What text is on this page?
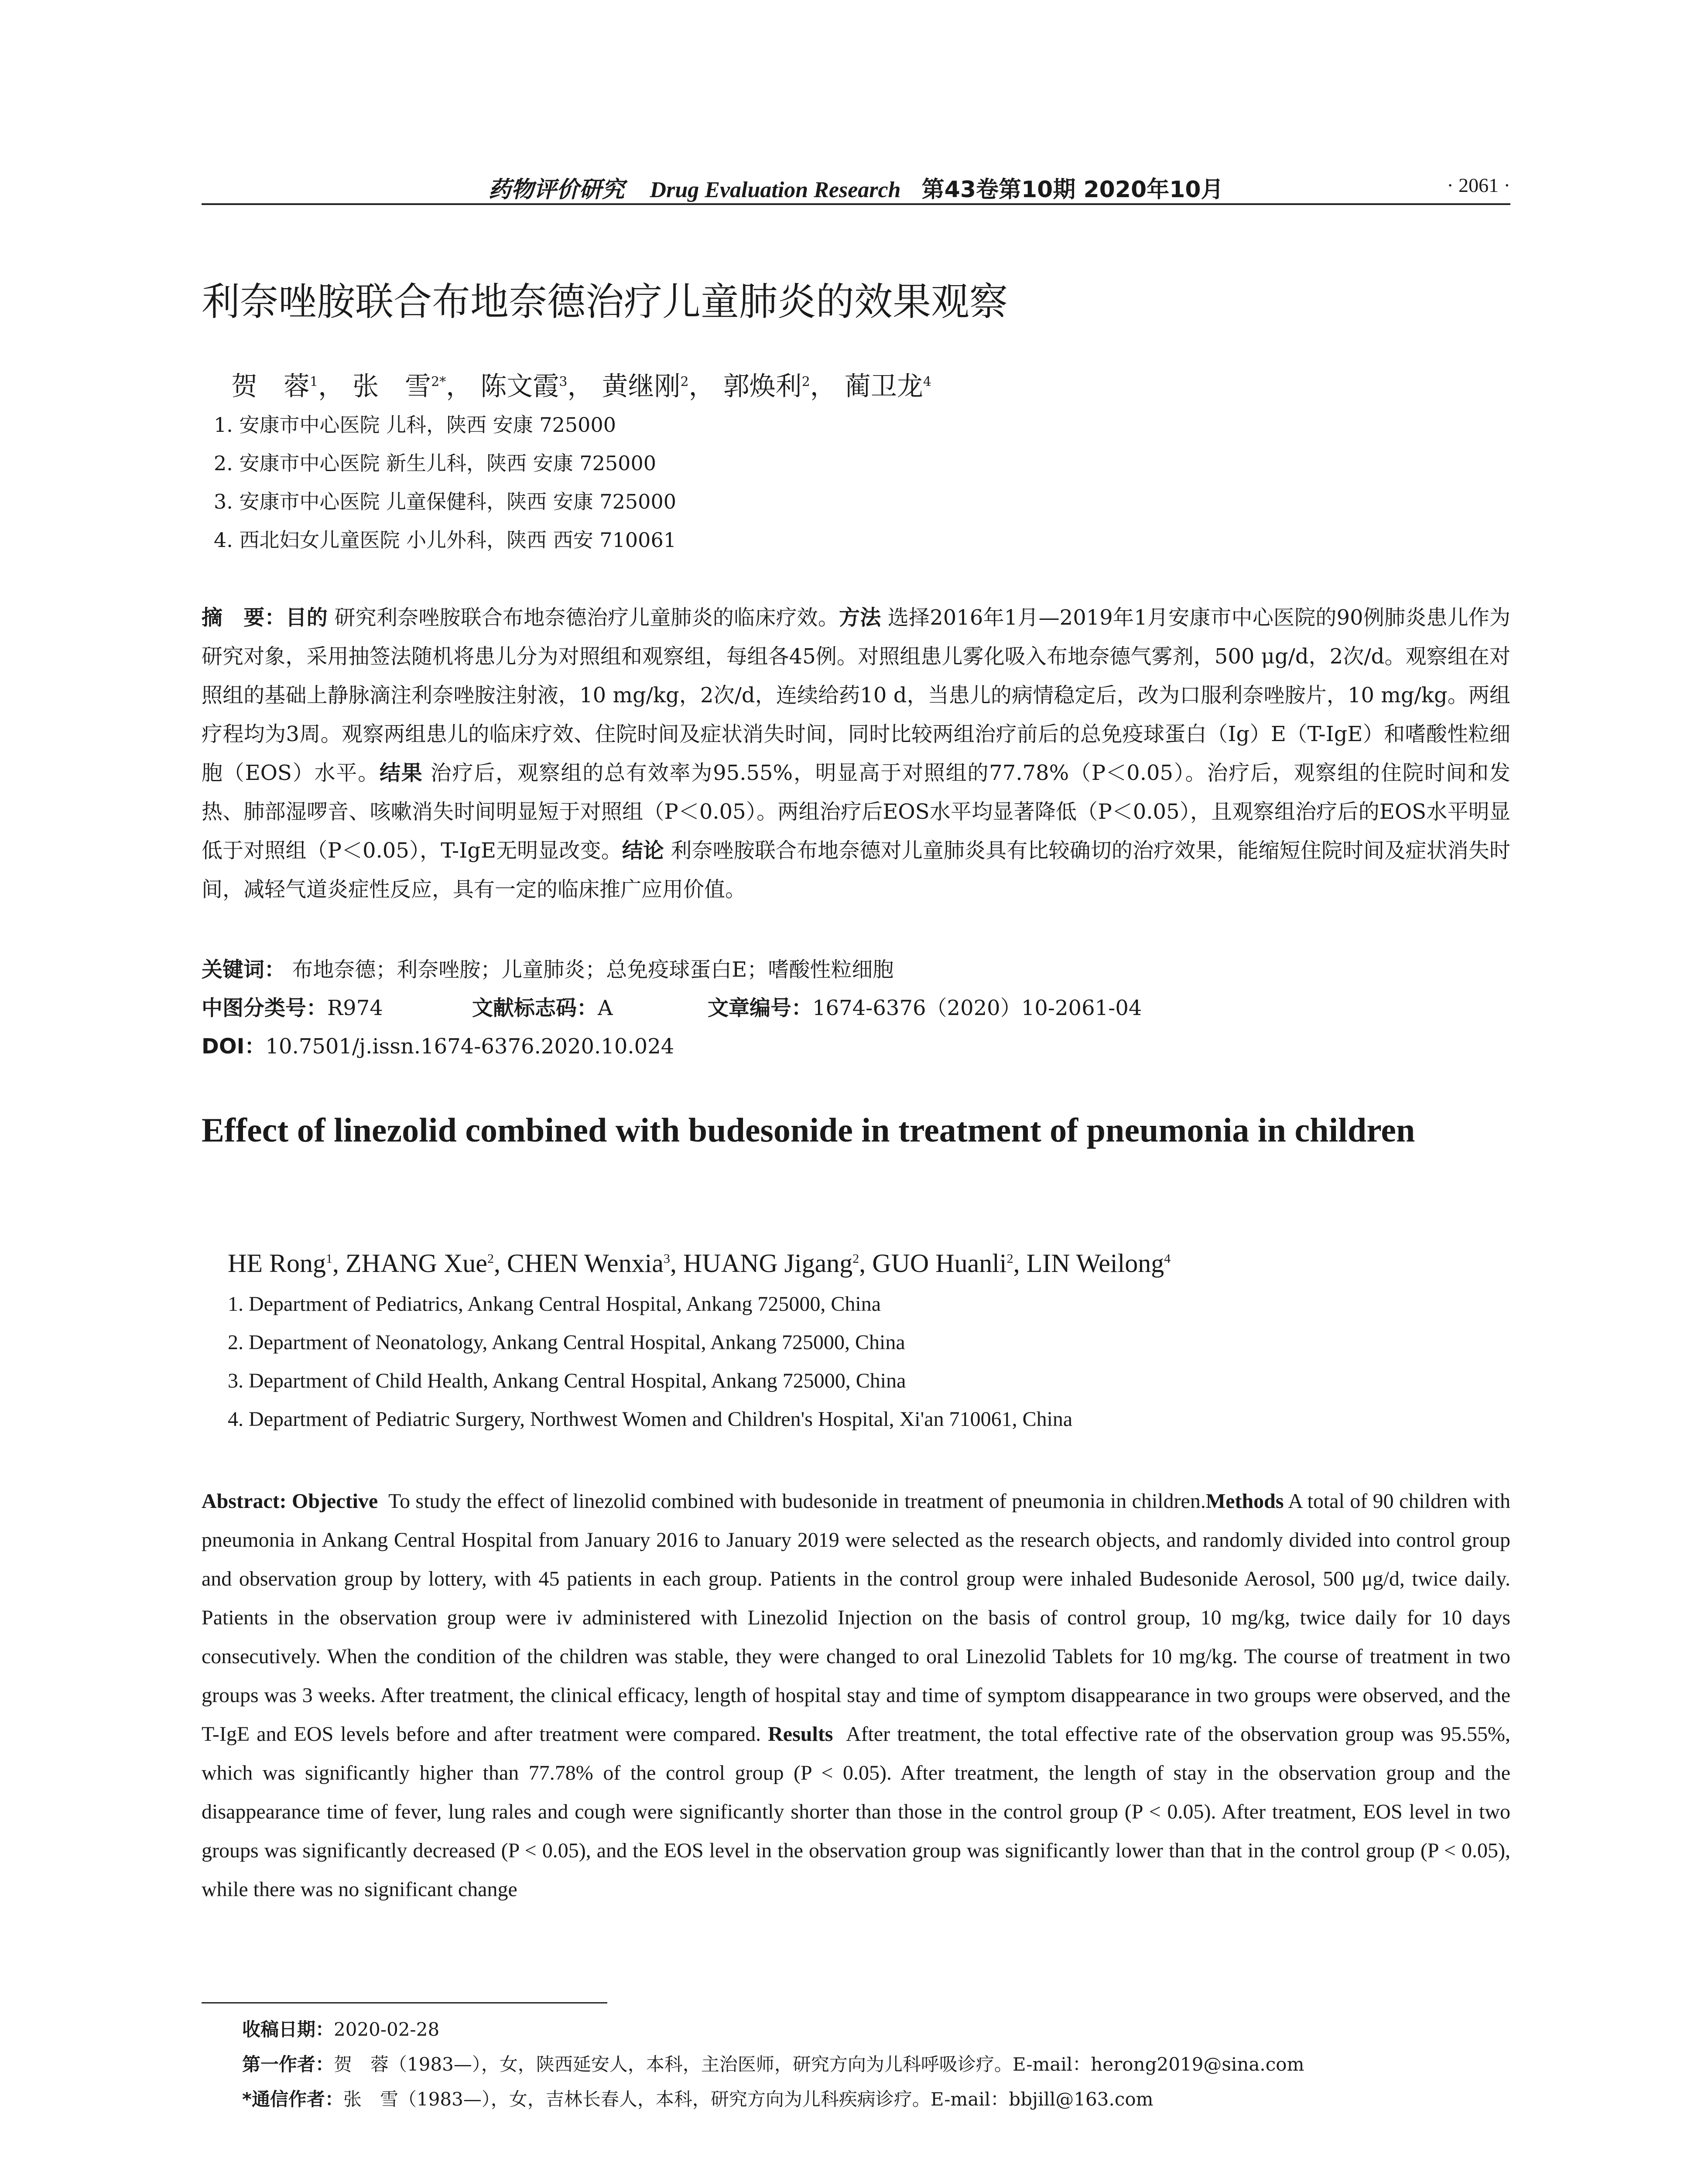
药物评价研究 Drug Evaluation Research 第43卷第10期 2020年10月	· 2061 ·
利奈唑胺联合布地奈德治疗儿童肺炎的效果观察
贺　蓉$^1$， 张　雪$^{2*}$， 陈文霞$^3$， 黄继刚$^2$， 郭焕利$^2$， 蔺卫龙$^4$
1. 安康市中心医院 儿科，陕西 安康 725000
2. 安康市中心医院 新生儿科，陕西 安康 725000
3. 安康市中心医院 儿童保健科，陕西 安康 725000
4. 西北妇女儿童医院 小儿外科，陕西 西安 710061
摘　要：目的 研究利奈唑胺联合布地奈德治疗儿童肺炎的临床疗效。方法 选择2016年1月—2019年1月安康市中心医院的90例肺炎患儿作为研究对象，采用抽签法随机将患儿分为对照组和观察组，每组各45例。对照组患儿雾化吸入布地奈德气雾剂，500 μg/d，2次/d。观察组在对照组的基础上静脉滴注利奈唑胺注射液，10 mg/kg，2次/d，连续给药10 d，当患儿的病情稳定后，改为口服利奈唑胺片，10 mg/kg。两组疗程均为3周。观察两组患儿的临床疗效、住院时间及症状消失时间，同时比较两组治疗前后的总免疫球蛋白（Ig）E（T-IgE）和嗜酸性粒细胞（EOS）水平。结果 治疗后，观察组的总有效率为95.55%，明显高于对照组的77.78%（P＜0.05）。治疗后，观察组的住院时间和发热、肺部湿啰音、咳嗽消失时间明显短于对照组（P＜0.05）。两组治疗后EOS水平均显著降低（P＜0.05），且观察组治疗后的EOS水平明显低于对照组（P＜0.05），T-IgE无明显改变。结论 利奈唑胺联合布地奈德对儿童肺炎具有比较确切的治疗效果，能缩短住院时间及症状消失时间，减轻气道炎症性反应，具有一定的临床推广应用价值。
关键词： 布地奈德；利奈唑胺；儿童肺炎；总免疫球蛋白E；嗜酸性粒细胞
中图分类号：R974	文献标志码：A	文章编号：1674-6376（2020）10-2061-04
DOI：10.7501/j.issn.1674-6376.2020.10.024
Effect of linezolid combined with budesonide in treatment of pneumonia in children
HE Rong$^1$, ZHANG Xue$^2$, CHEN Wenxia$^3$, HUANG Jigang$^2$, GUO Huanli$^2$, LIN Weilong$^4$
1. Department of Pediatrics, Ankang Central Hospital, Ankang 725000, China
2. Department of Neonatology, Ankang Central Hospital, Ankang 725000, China
3. Department of Child Health, Ankang Central Hospital, Ankang 725000, China
4. Department of Pediatric Surgery, Northwest Women and Children's Hospital, Xi'an 710061, China
Abstract: Objective To study the effect of linezolid combined with budesonide in treatment of pneumonia in children.Methods A total of 90 children with pneumonia in Ankang Central Hospital from January 2016 to January 2019 were selected as the research objects, and randomly divided into control group and observation group by lottery, with 45 patients in each group. Patients in the control group were inhaled Budesonide Aerosol, 500 μg/d, twice daily. Patients in the observation group were iv administered with Linezolid Injection on the basis of control group, 10 mg/kg, twice daily for 10 days consecutively. When the condition of the children was stable, they were changed to oral Linezolid Tablets for 10 mg/kg. The course of treatment in two groups was 3 weeks. After treatment, the clinical efficacy, length of hospital stay and time of symptom disappearance in two groups were observed, and the T-IgE and EOS levels before and after treatment were compared. Results After treatment, the total effective rate of the observation group was 95.55%, which was significantly higher than 77.78% of the control group (P < 0.05). After treatment, the length of stay in the observation group and the disappearance time of fever, lung rales and cough were significantly shorter than those in the control group (P < 0.05). After treatment, EOS level in two groups was significantly decreased (P < 0.05), and the EOS level in the observation group was significantly lower than that in the control group (P < 0.05), while there was no significant change
收稿日期：2020-02-28
第一作者：贺　蓉（1983—），女，陕西延安人，本科，主治医师，研究方向为儿科呼吸诊疗。E-mail：herong2019@sina.com
*通信作者：张　雪（1983—），女，吉林长春人，本科，研究方向为儿科疾病诊疗。E-mail：bbjill@163.com
